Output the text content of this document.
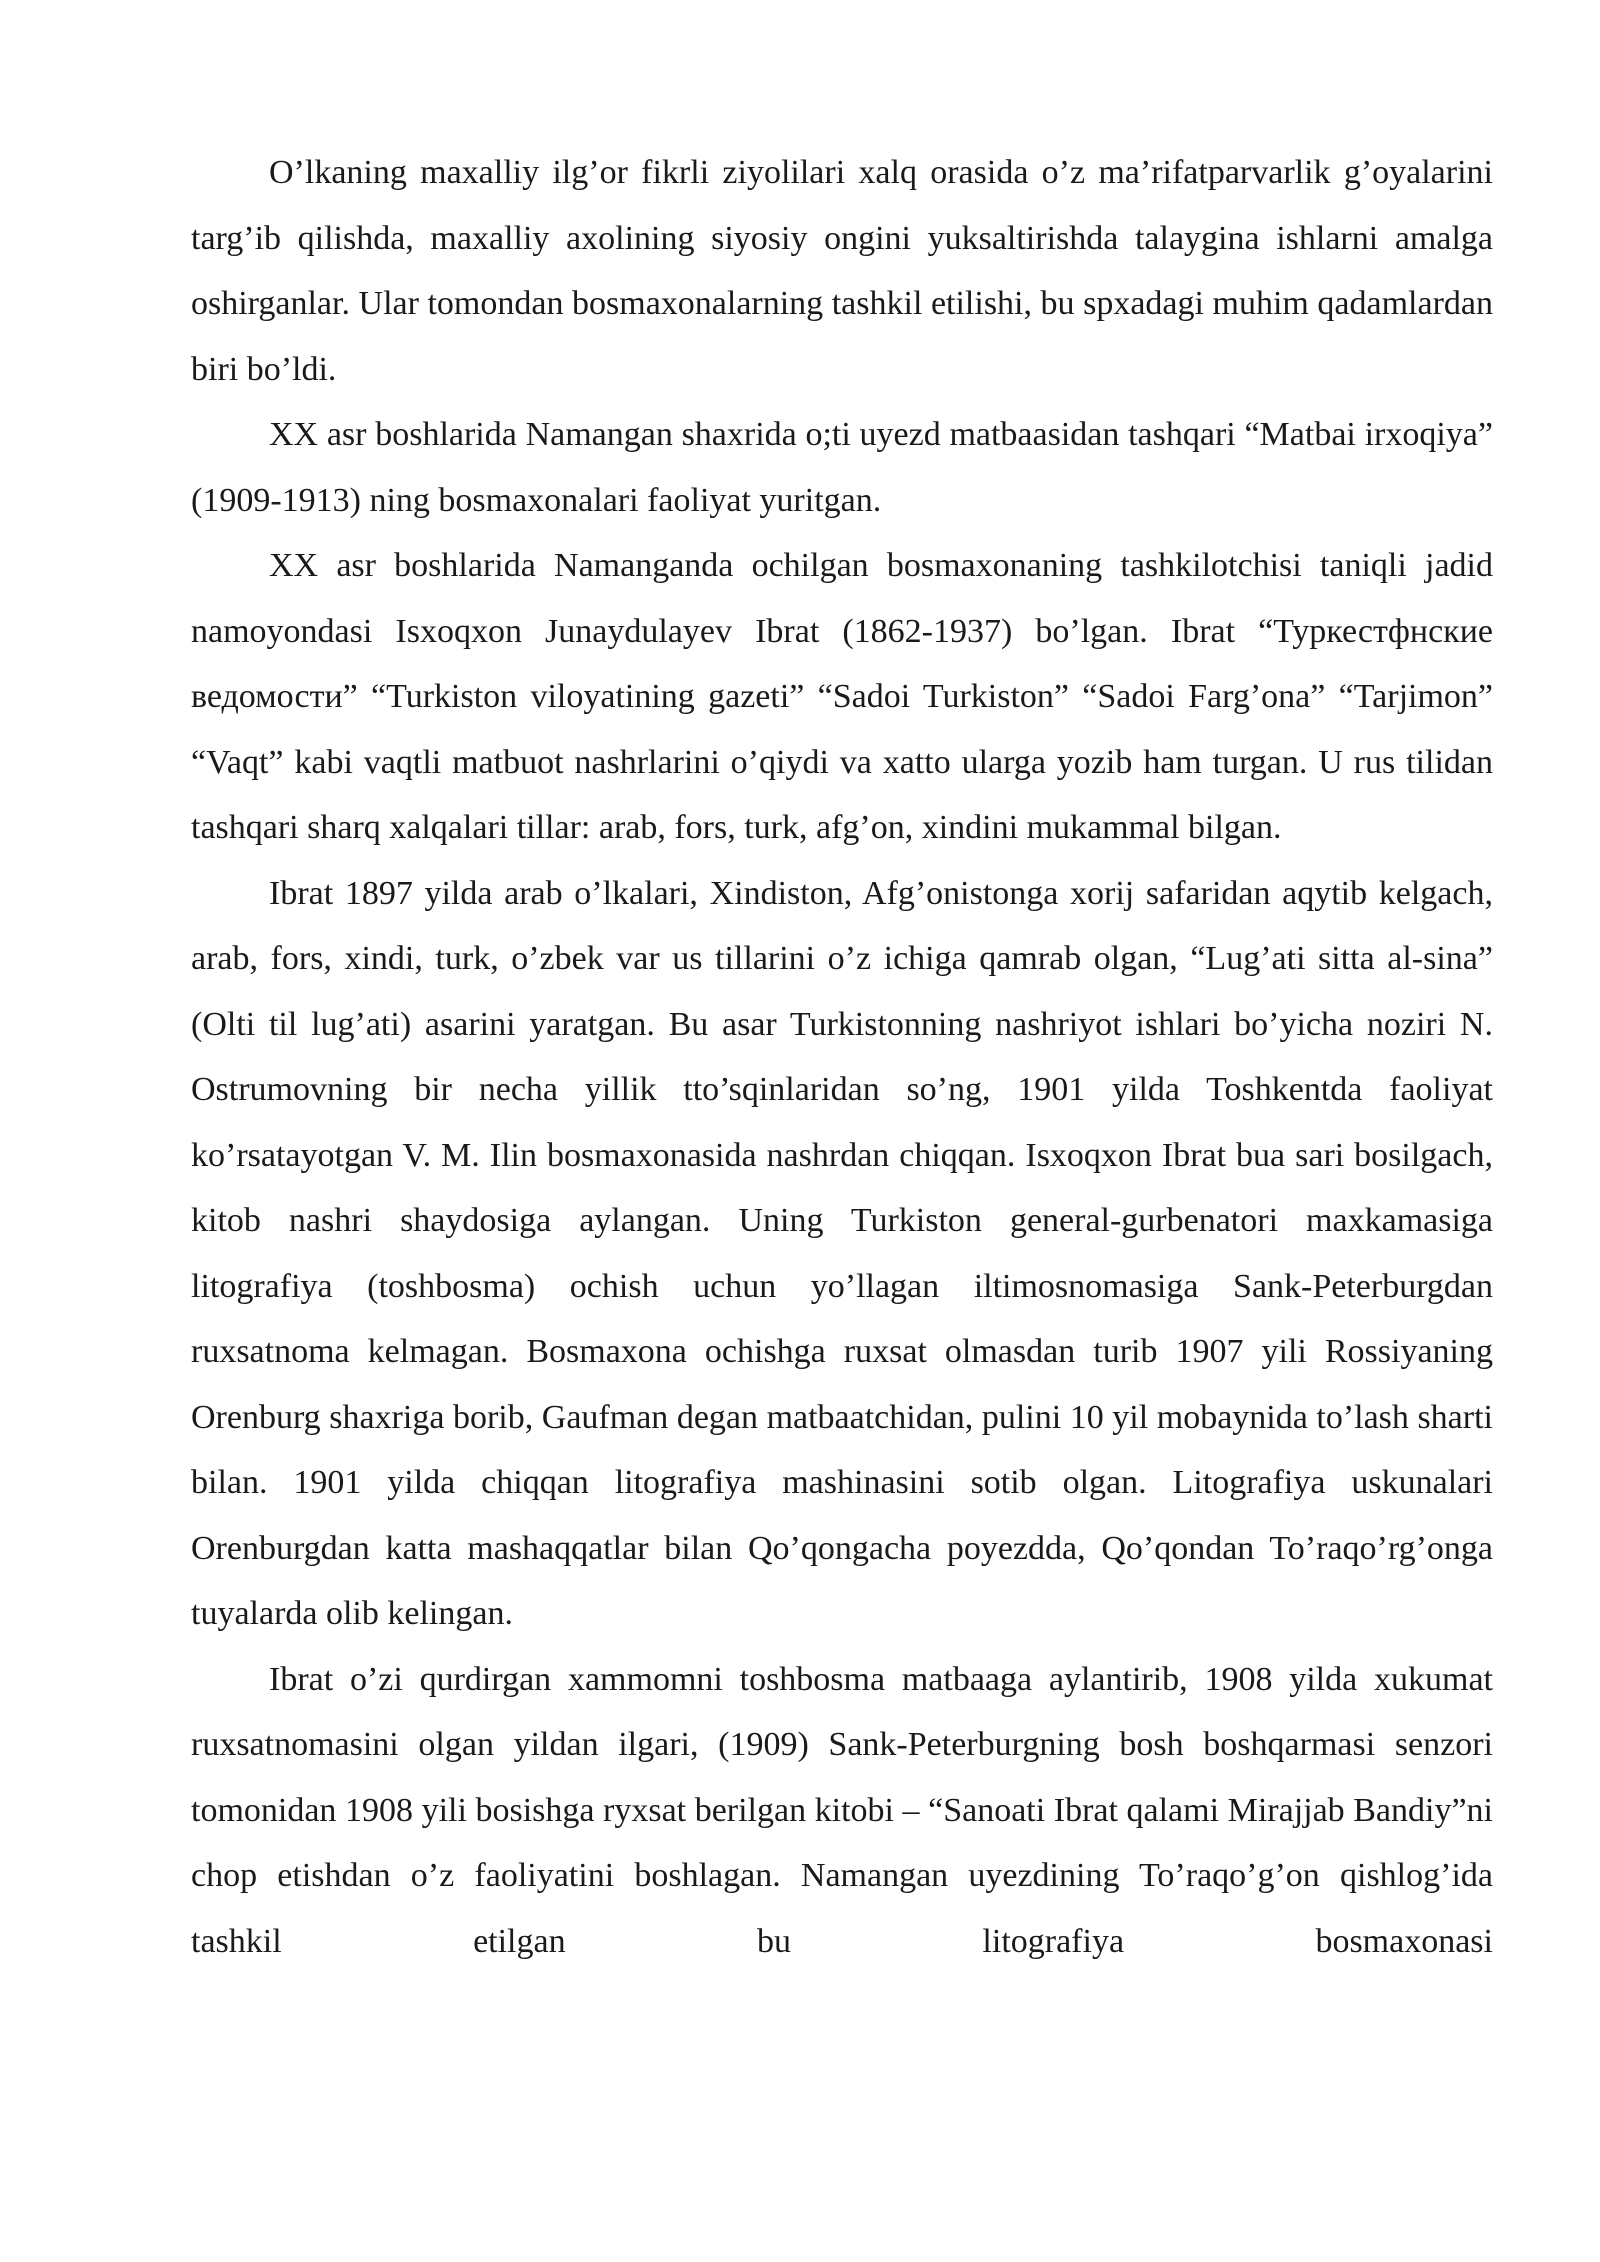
O’lkaning maxalliy ilg’or fikrli ziyolilari xalq orasida o’z ma’rifatparvarlik g’oyalarini targ’ib qilishda, maxalliy axolining siyosiy ongini yuksaltirishda talaygina ishlarni amalga oshirganlar. Ular tomondan bosmaxonalarning tashkil etilishi, bu spxadagi muhim qadamlardan biri bo’ldi.

XX asr boshlarida Namangan shaxrida o;ti uyezd matbaasidan tashqari “Matbai irxoqiya” (1909-1913) ning bosmaxonalari faoliyat yuritgan.

XX asr boshlarida Namanganda ochilgan bosmaxonaning tashkilotchisi taniqli jadid namoyondasi Isxoqxon Junaydulayev Ibrat (1862-1937) bo’lgan. Ibrat “Туркестфнские ведомости” “Turkiston viloyatining gazeti” “Sadoi Turkiston” “Sadoi Farg’ona” “Tarjimon” “Vaqt” kabi vaqtli matbuot nashrlarini o’qiydi va xatto ularga yozib ham turgan. U rus tilidan tashqari sharq xalqalari tillar: arab, fors, turk, afg’on, xindini mukammal bilgan.

Ibrat 1897 yilda arab o’lkalari, Xindiston, Afg’onistonga xorij safaridan aqytib kelgach, arab, fors, xindi, turk, o’zbek var us tillarini o’z ichiga qamrab olgan, “Lug’ati sitta al-sina” (Olti til lug’ati) asarini yaratgan. Bu asar Turkistonning nashriyot ishlari bo’yicha noziri N. Ostrumovning bir necha yillik tto’sqinlaridan so’ng, 1901 yilda Toshkentda faoliyat ko’rsatayotgan V. M. Ilin bosmaxonasida nashrdan chiqqan. Isxoqxon Ibrat bua sari bosilgach, kitob nashri shaydosiga aylangan. Uning Turkiston general-gurbenatori maxkamasiga litografiya (toshbosma) ochish uchun yo’llagan iltimosnomasiga Sank-Peterburgdan ruxsatnoma kelmagan. Bosmaxona ochishga ruxsat olmasdan turib 1907 yili Rossiyaning Orenburg shaxriga borib, Gaufman degan matbaatchidan, pulini 10 yil mobaynida to’lash sharti bilan. 1901 yilda chiqqan litografiya mashinasini sotib olgan. Litografiya uskunalari Orenburgdan katta mashaqqatlar bilan Qo’qongacha poyezdda, Qo’qondan To’raqo’rg’onga tuyalarda olib kelingan.

Ibrat o’zi qurdirgan xammomni toshbosma matbaaga aylantirib, 1908 yilda xukumat ruxsatnomasini olgan yildan ilgari, (1909) Sank-Peterburgning bosh boshqarmasi senzori tomonidan 1908 yili bosishga ryxsat berilgan kitobi – “Sanoati Ibrat qalami Mirajjab Bandiy”ni chop etishdan o’z faoliyatini boshlagan. Namangan uyezdining To’raqo’g’on qishlog’ida tashkil etilgan bu litografiya bosmaxonasi
